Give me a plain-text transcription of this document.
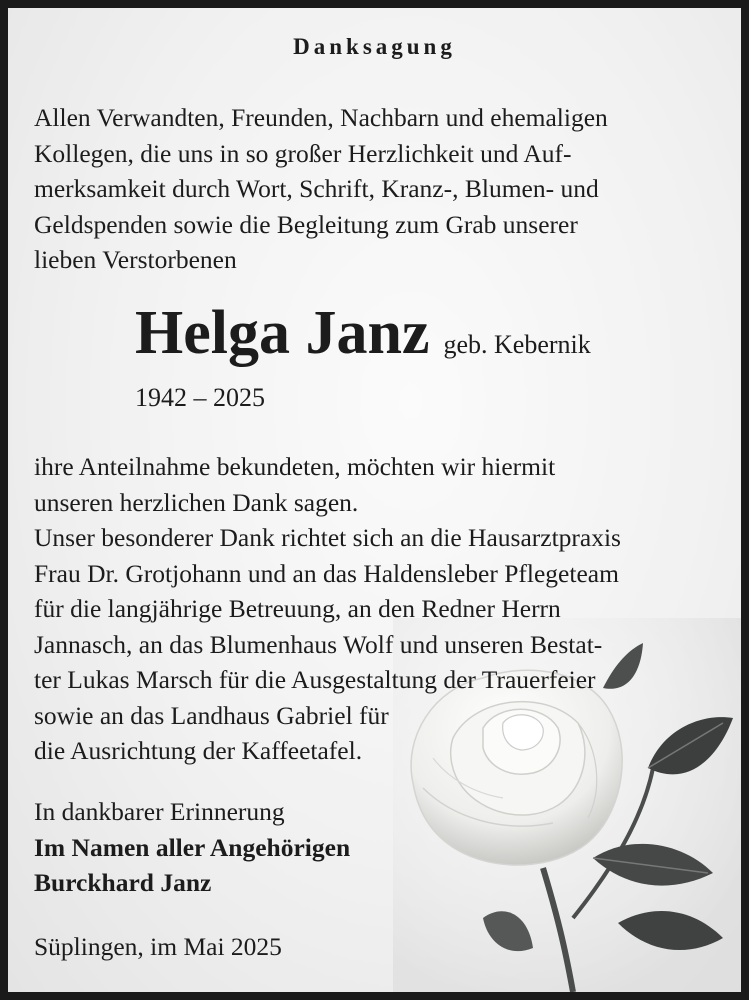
Danksagung
Allen Verwandten, Freunden, Nachbarn und ehemaligen
Kollegen, die uns in so großer Herzlichkeit und Auf-
merksamkeit durch Wort, Schrift, Kranz-, Blumen- und
Geldspenden sowie die Begleitung zum Grab unserer
lieben Verstorbenen
Helga Janz geb. Kebernik
1942 – 2025
ihre Anteilnahme bekundeten, möchten wir hiermit
unseren herzlichen Dank sagen.
Unser besonderer Dank richtet sich an die Hausarztpraxis
Frau Dr. Grotjohann und an das Haldensleber Pflegeteam
für die langjährige Betreuung, an den Redner Herrn
Jannasch, an das Blumenhaus Wolf und unseren Bestat-
ter Lukas Marsch für die Ausgestaltung der Trauerfeier
sowie an das Landhaus Gabriel für
die Ausrichtung der Kaffeetafel.
In dankbarer Erinnerung
Im Namen aller Angehörigen
Burckhard Janz
Süplingen, im Mai 2025
